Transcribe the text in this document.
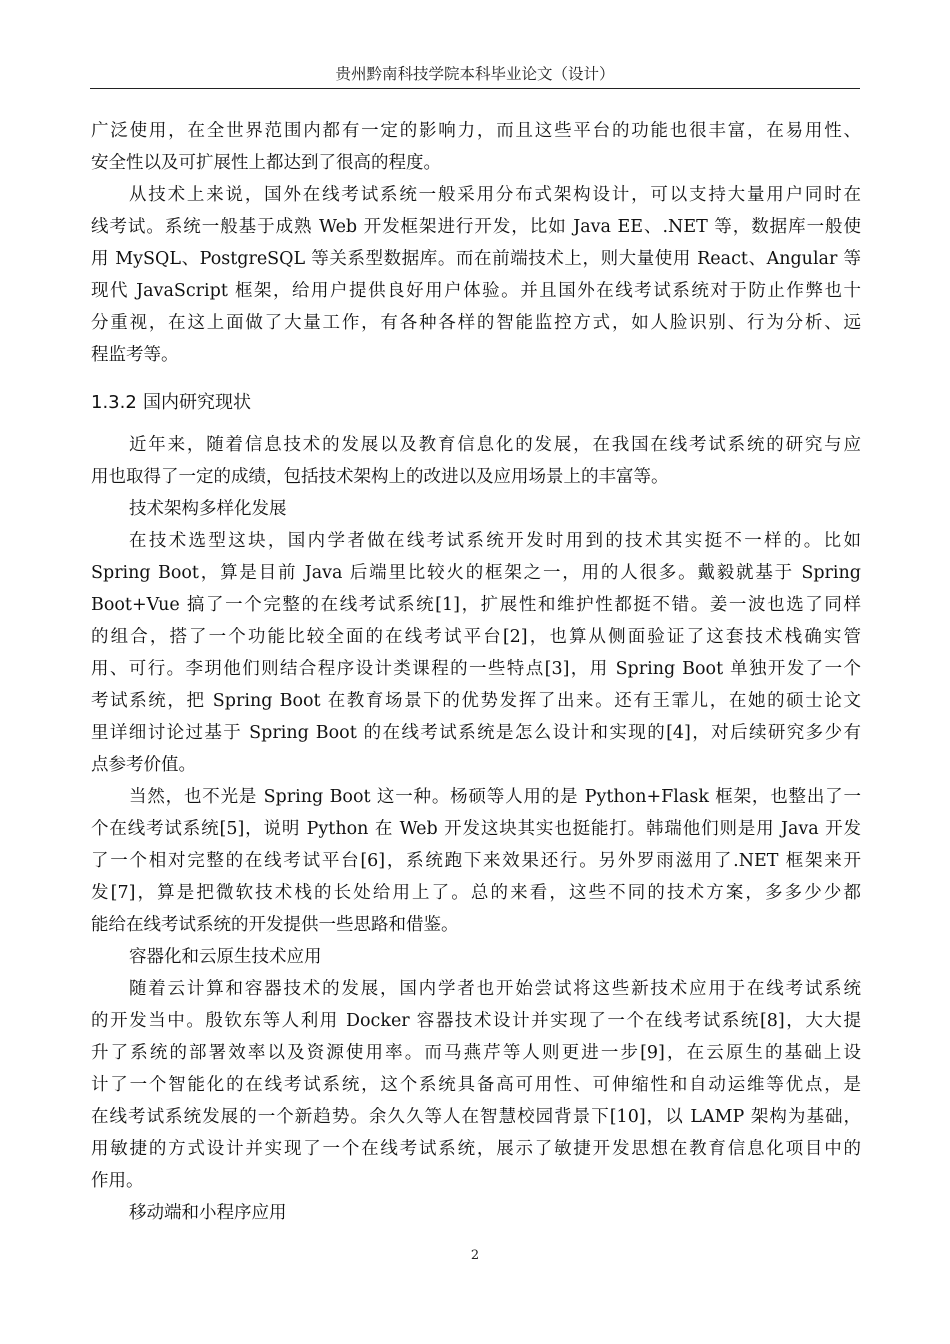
贵州黔南科技学院本科毕业论文（设计）
广泛使用，在全世界范围内都有一定的影响力，而且这些平台的功能也很丰富，在易用性、
安全性以及可扩展性上都达到了很高的程度。
从技术上来说，国外在线考试系统一般采用分布式架构设计，可以支持大量用户同时在
线考试。系统一般基于成熟 Web 开发框架进行开发，比如 Java EE、.NET 等，数据库一般使
用 MySQL、PostgreSQL 等关系型数据库。而在前端技术上，则大量使用 React、Angular 等
现代 JavaScript 框架，给用户提供良好用户体验。并且国外在线考试系统对于防止作弊也十
分重视，在这上面做了大量工作，有各种各样的智能监控方式，如人脸识别、行为分析、远
程监考等。
1.3.2 国内研究现状
近年来，随着信息技术的发展以及教育信息化的发展，在我国在线考试系统的研究与应
用也取得了一定的成绩，包括技术架构上的改进以及应用场景上的丰富等。
技术架构多样化发展
在技术选型这块，国内学者做在线考试系统开发时用到的技术其实挺不一样的。比如
Spring Boot，算是目前 Java 后端里比较火的框架之一，用的人很多。戴毅就基于 Spring
Boot+Vue 搞了一个完整的在线考试系统[1]，扩展性和维护性都挺不错。姜一波也选了同样
的组合，搭了一个功能比较全面的在线考试平台[2]，也算从侧面验证了这套技术栈确实管
用、可行。李玥他们则结合程序设计类课程的一些特点[3]，用 Spring Boot 单独开发了一个
考试系统，把 Spring Boot 在教育场景下的优势发挥了出来。还有王霏儿，在她的硕士论文
里详细讨论过基于 Spring Boot 的在线考试系统是怎么设计和实现的[4]，对后续研究多少有
点参考价值。
当然，也不光是 Spring Boot 这一种。杨硕等人用的是 Python+Flask 框架，也整出了一
个在线考试系统[5]，说明 Python 在 Web 开发这块其实也挺能打。韩瑞他们则是用 Java 开发
了一个相对完整的在线考试平台[6]，系统跑下来效果还行。另外罗雨滋用了.NET 框架来开
发[7]，算是把微软技术栈的长处给用上了。总的来看，这些不同的技术方案，多多少少都
能给在线考试系统的开发提供一些思路和借鉴。
容器化和云原生技术应用
随着云计算和容器技术的发展，国内学者也开始尝试将这些新技术应用于在线考试系统
的开发当中。殷钦东等人利用 Docker 容器技术设计并实现了一个在线考试系统[8]，大大提
升了系统的部署效率以及资源使用率。而马燕芹等人则更进一步[9]，在云原生的基础上设
计了一个智能化的在线考试系统，这个系统具备高可用性、可伸缩性和自动运维等优点，是
在线考试系统发展的一个新趋势。余久久等人在智慧校园背景下[10]，以 LAMP 架构为基础，
用敏捷的方式设计并实现了一个在线考试系统，展示了敏捷开发思想在教育信息化项目中的
作用。
移动端和小程序应用
2
